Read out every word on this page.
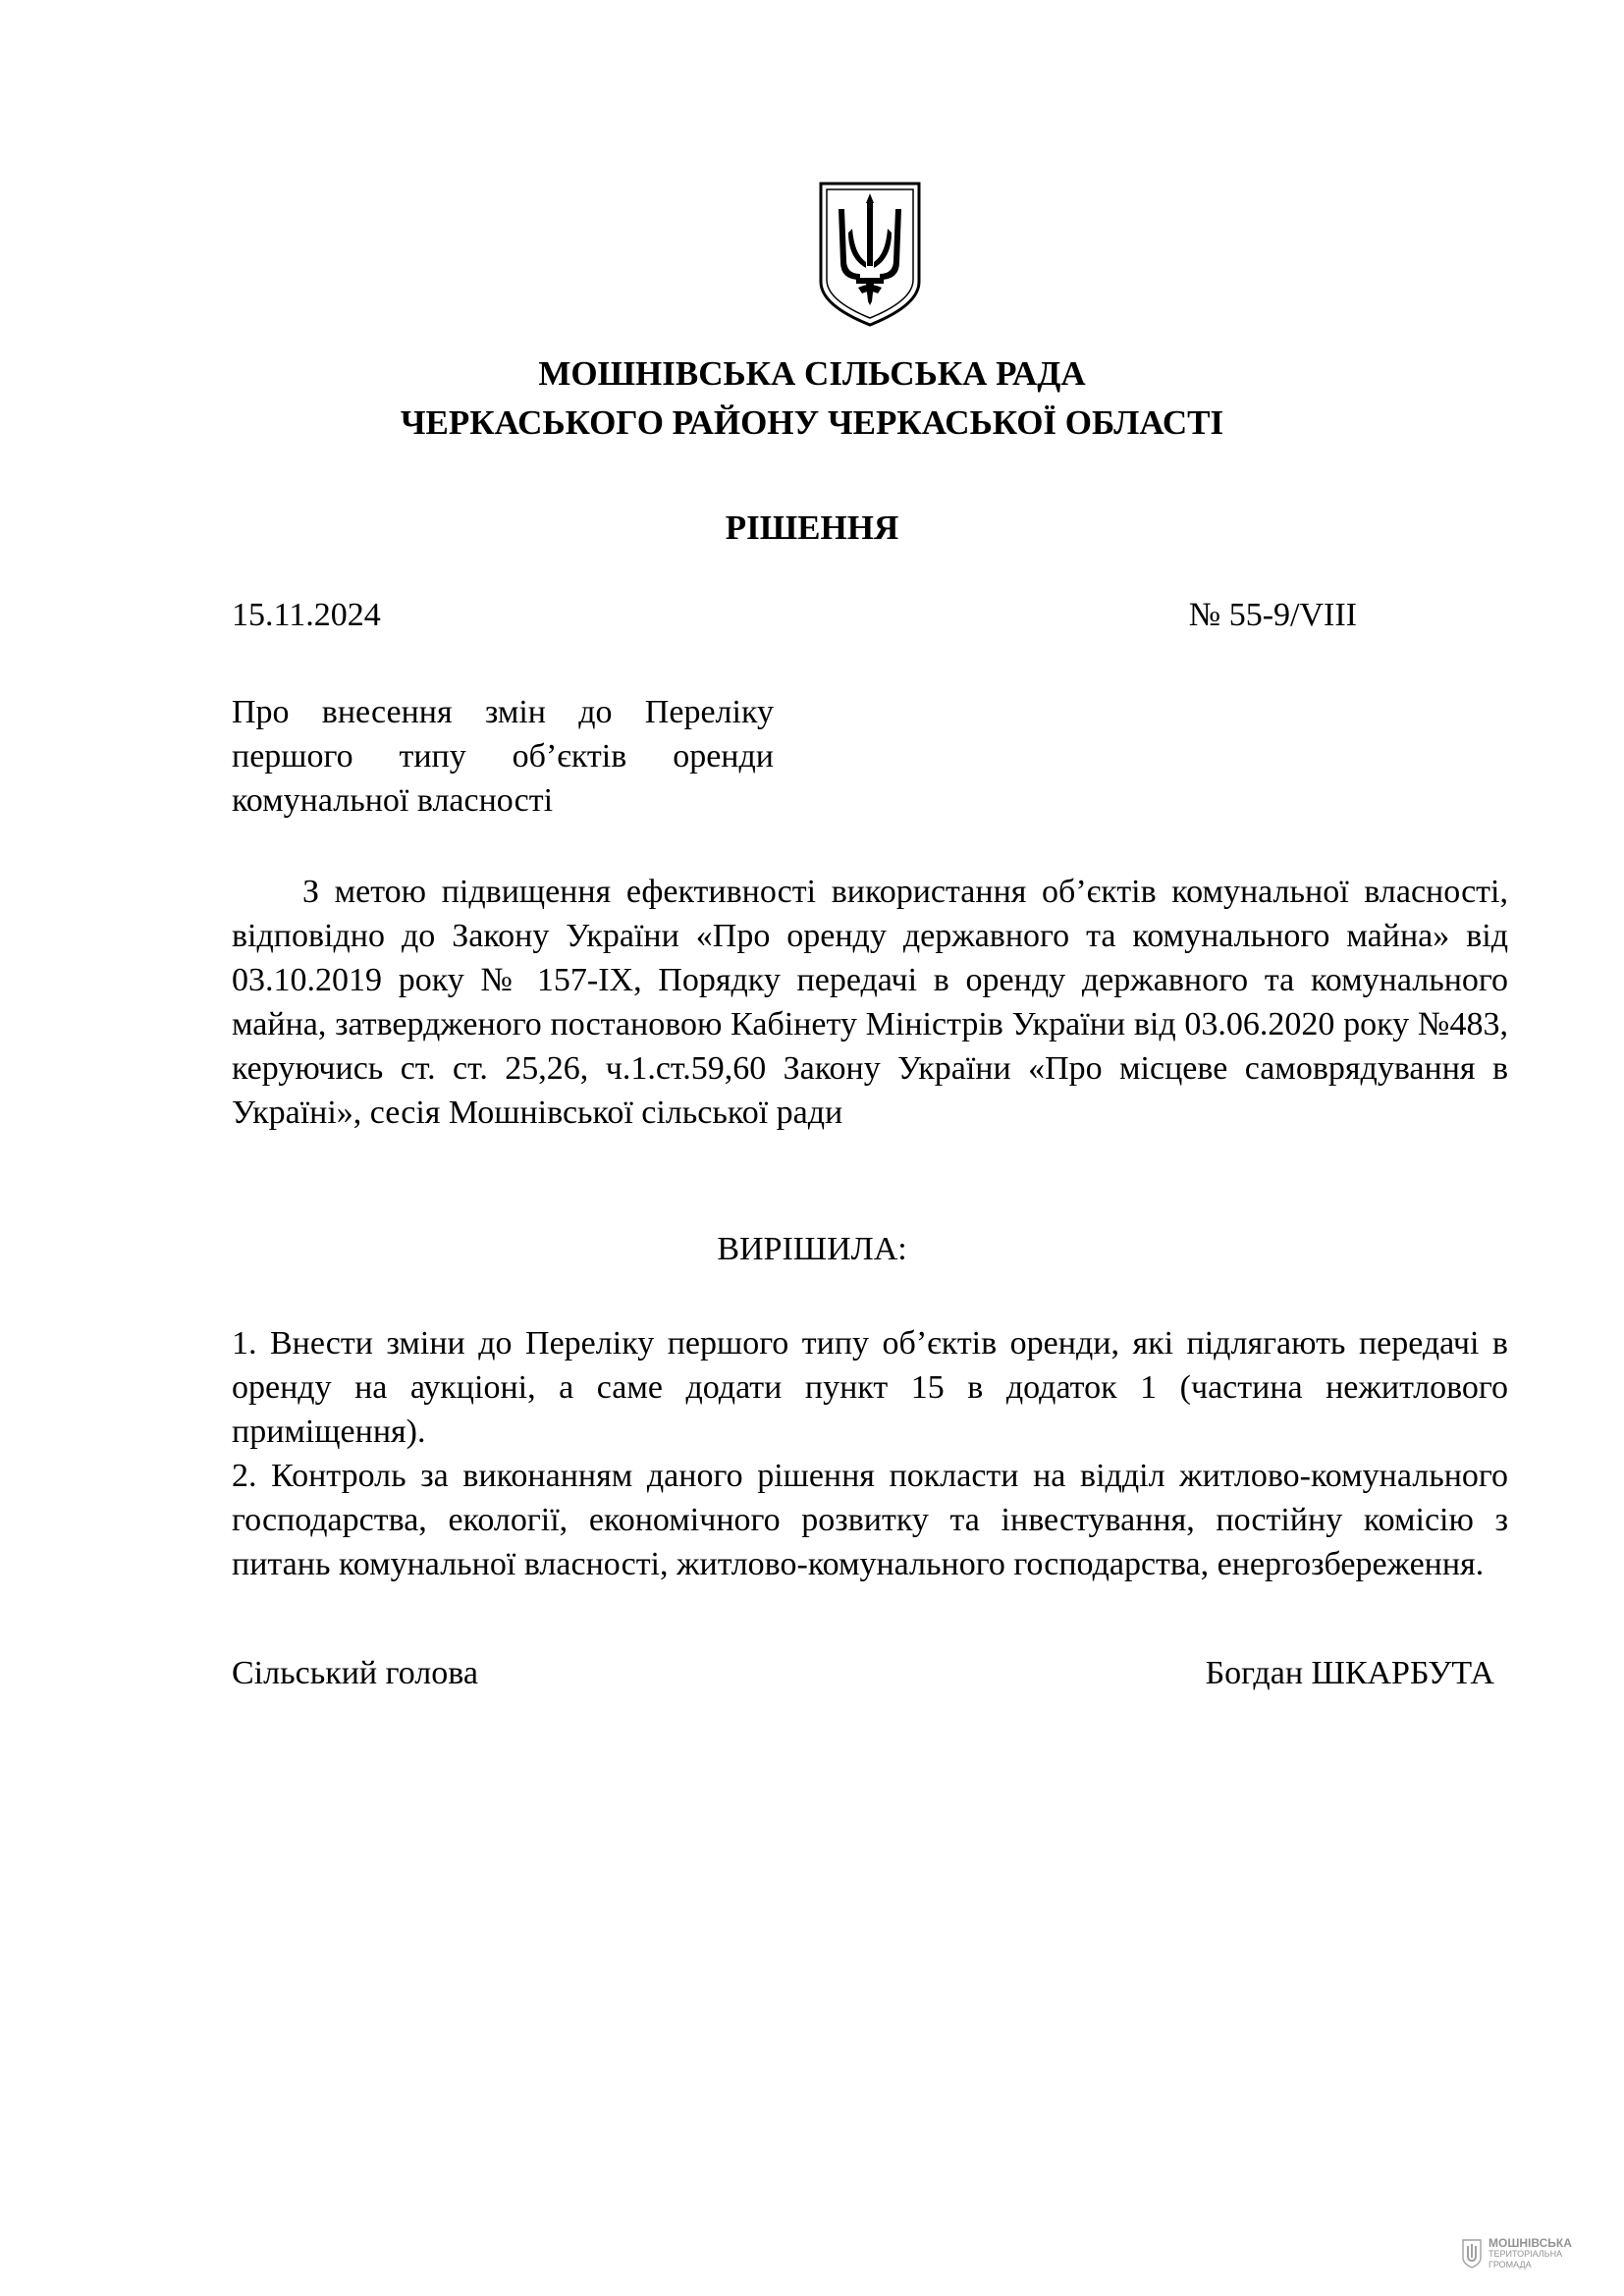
МОШНІВСЬКА СІЛЬСЬКА РАДА
ЧЕРКАСЬКОГО РАЙОНУ ЧЕРКАСЬКОЇ ОБЛАСТІ
РІШЕННЯ
15.11.2024	№ 55-9/VIII
Про внесення змін до Переліку першого типу об’єктів оренди комунальної власності

З метою підвищення ефективності використання об’єктів комунальної власності, відповідно до Закону України «Про оренду державного та комунального майна» від 03.10.2019 року № 157-ІХ, Порядку передачі в оренду державного та комунального майна, затвердженого постановою Кабінету Міністрів України від 03.06.2020 року №483, керуючись ст. ст. 25,26, ч.1.ст.59,60 Закону України «Про місцеве самоврядування в Україні», сесія Мошнівської сільської ради

ВИРІШИЛА:

1. Внести зміни до Переліку першого типу об’єктів оренди, які підлягають передачі в оренду на аукціоні, а саме додати пункт 15 в додаток 1 (частина нежитлового приміщення).

2. Контроль за виконанням даного рішення покласти на відділ житлово-комунального господарства, екології, економічного розвитку та інвестування, постійну комісію з питань комунальної власності, житлово-комунального господарства, енергозбереження.

Сільський голова	Богдан ШКАРБУТА
МОШНІВСЬКА
ТЕРИТОРІАЛЬНА
ГРОМАДА
